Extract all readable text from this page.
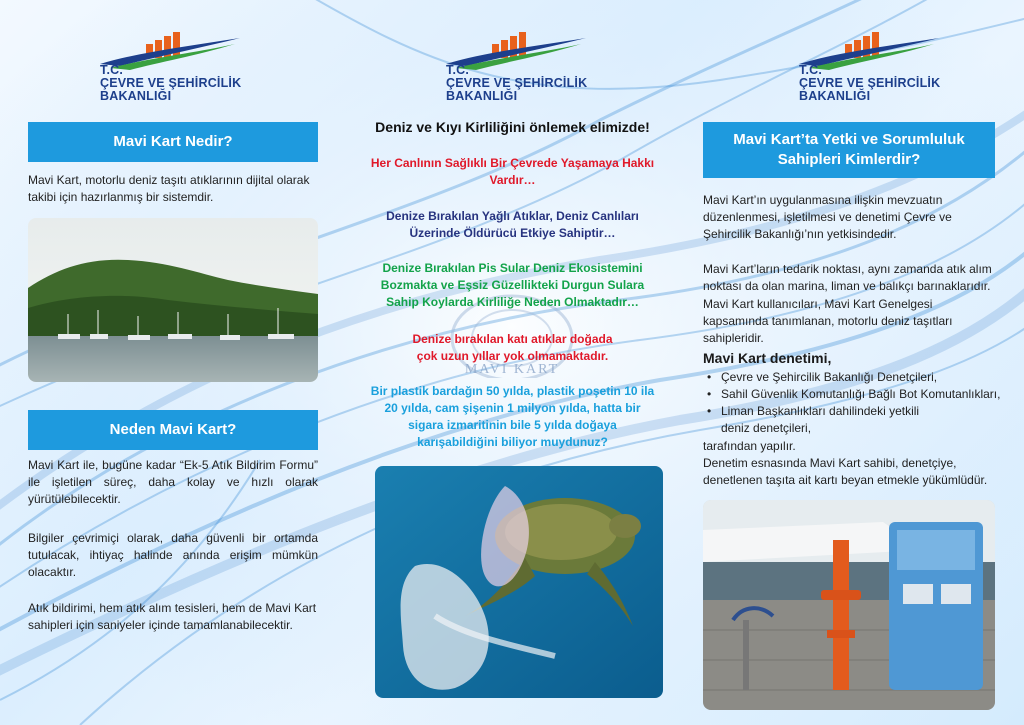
T.C.
ÇEVRE VE ŞEHİRCİLİK
BAKANLIĞI
Mavi Kart Nedir?
Mavi Kart, motorlu deniz taşıtı atıklarının dijital olarak takibi için hazırlanmış bir sistemdir.
Neden Mavi Kart?
Mavi Kart ile, bugüne kadar “Ek-5 Atık Bildirim Formu” ile işletilen süreç, daha kolay ve hızlı olarak yürütülebilecektir.
Bilgiler çevrimiçi olarak, daha güvenli bir ortamda tutulacak, ihtiyaç halinde anında erişim mümkün olacaktır.
Atık bildirimi, hem atık alım tesisleri, hem de Mavi Kart sahipleri için saniyeler içinde tamamlanabilecektir.
T.C.
ÇEVRE VE ŞEHİRCİLİK
BAKANLIĞI
MAVİ KART
Deniz ve Kıyı Kirliliğini önlemek elimizde!
Her Canlının Sağlıklı Bir Çevrede Yaşamaya Hakkı Vardır…
Denize Bırakılan Yağlı Atıklar, Deniz Canlıları Üzerinde Öldürücü Etkiye Sahiptir…
Denize Bırakılan Pis Sular Deniz Ekosistemini Bozmakta ve Eşsiz Güzellikteki Durgun Sulara Sahip Koylarda Kirliliğe Neden Olmaktadır…
Denize bırakılan katı atıklar doğada çok uzun yıllar yok olmamaktadır.
Bir plastik bardağın 50 yılda, plastik poşetin 10 ila 20 yılda, cam şişenin 1 milyon yılda, hatta bir sigara izmaritinin bile 5 yılda doğaya karışabildiğini biliyor muydunuz?
T.C.
ÇEVRE VE ŞEHİRCİLİK
BAKANLIĞI
Mavi Kart’ta Yetki ve Sorumluluk Sahipleri Kimlerdir?
Mavi Kart’ın uygulanmasına ilişkin mevzuatın düzenlenmesi, işletilmesi ve denetimi Çevre ve Şehircilik Bakanlığı’nın yetkisindedir.
Mavi Kart’ların tedarik noktası, aynı zamanda atık alım noktası da olan marina, liman ve balıkçı barınaklarıdır.
Mavi Kart kullanıcıları, Mavi Kart Genelgesi kapsamında tanımlanan, motorlu deniz taşıtları sahipleridir.
Mavi Kart denetimi,
• Çevre ve Şehircilik Bakanlığı Denetçileri,
• Sahil Güvenlik Komutanlığı Bağlı Bot Komutanlıkları,
• Liman Başkanlıkları dahilindeki yetkili deniz denetçileri,
tarafından yapılır.
Denetim esnasında Mavi Kart sahibi, denetçiye, denetlenen taşıta ait kartı beyan etmekle yükümlüdür.
